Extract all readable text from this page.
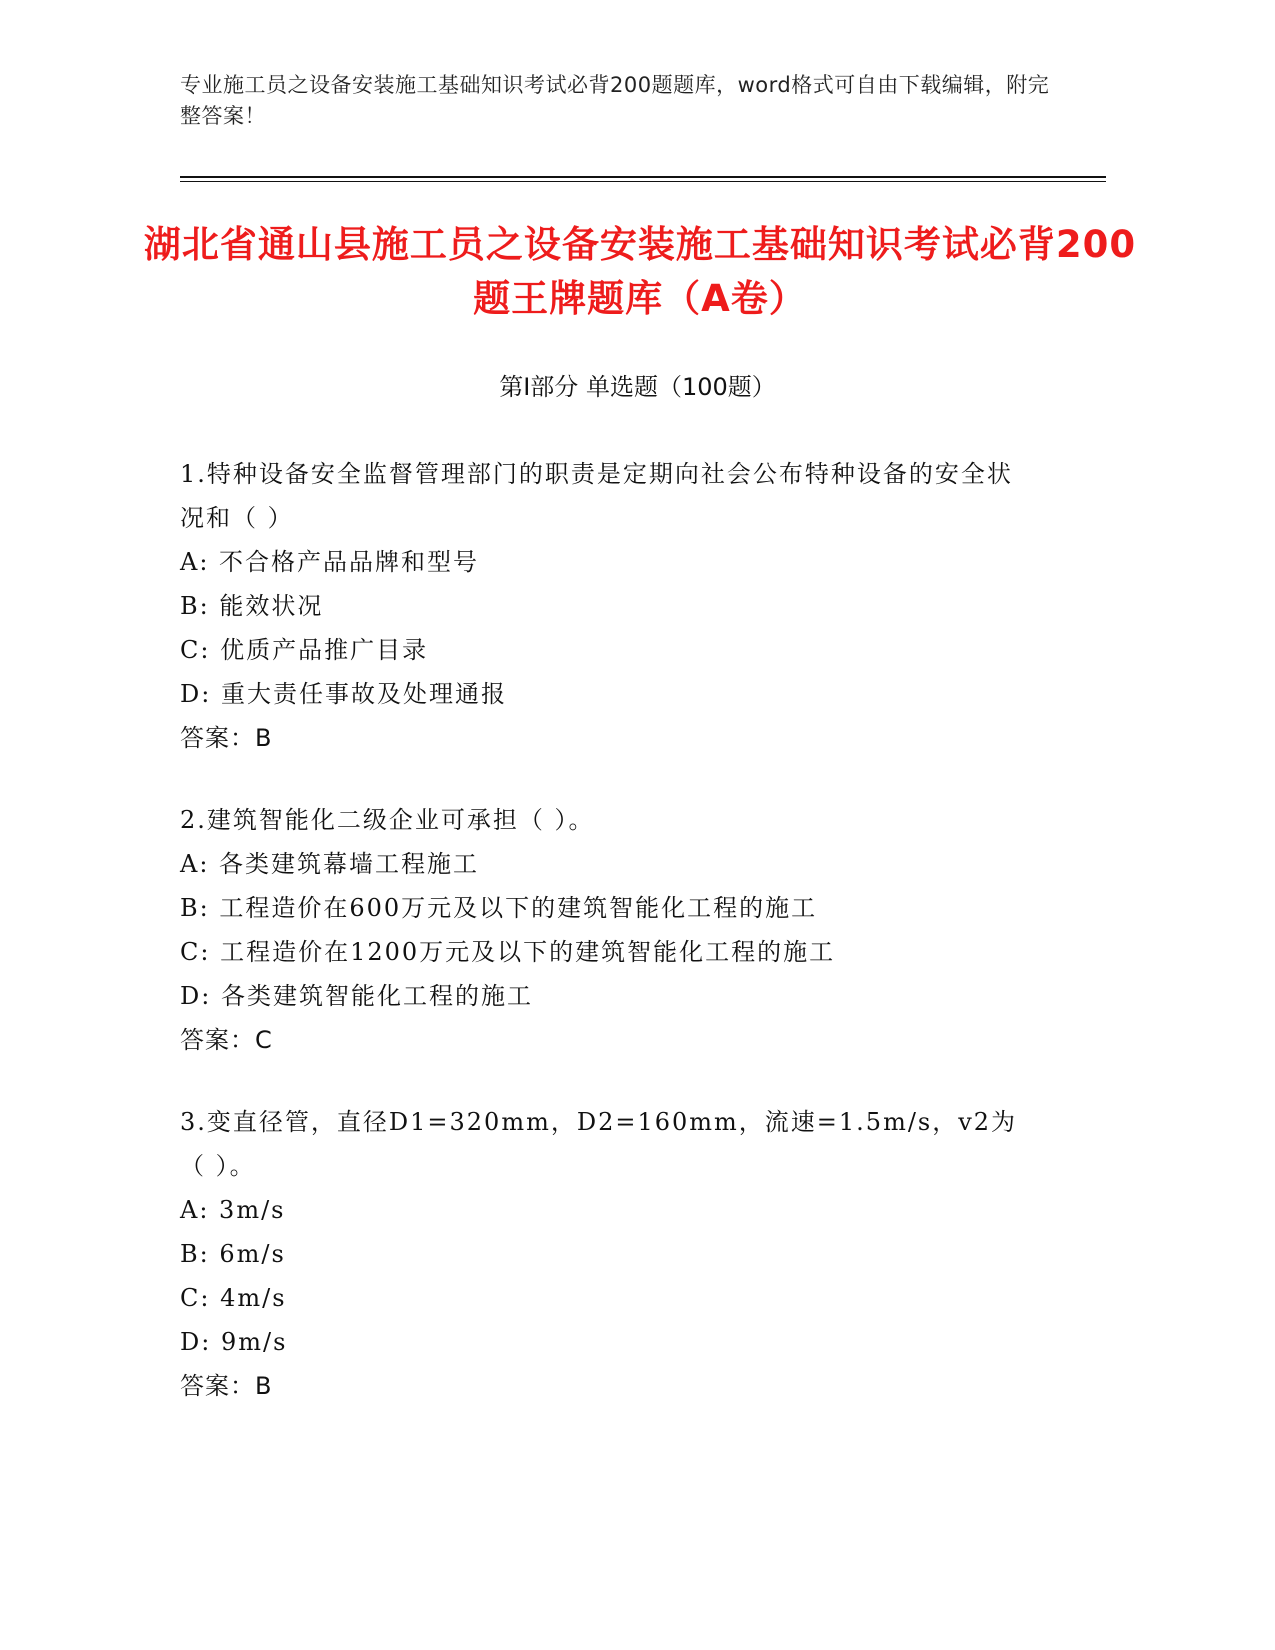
专业施工员之设备安装施工基础知识考试必背200题题库，word格式可自由下载编辑，附完整答案！
湖北省通山县施工员之设备安装施工基础知识考试必背200题王牌题库（A卷）
第Ⅰ部分 单选题（100题）
1.特种设备安全监督管理部门的职责是定期向社会公布特种设备的安全状况和（ ）
A: 不合格产品品牌和型号
B: 能效状况
C: 优质产品推广目录
D: 重大责任事故及处理通报
答案：B
2.建筑智能化二级企业可承担（ ）。
A: 各类建筑幕墙工程施工
B: 工程造价在600万元及以下的建筑智能化工程的施工
C: 工程造价在1200万元及以下的建筑智能化工程的施工
D: 各类建筑智能化工程的施工
答案：C
3.变直径管，直径D1=320mm，D2=160mm，流速=1.5m/s，v2为（ ）。
A: 3m/s
B: 6m/s
C: 4m/s
D: 9m/s
答案：B
